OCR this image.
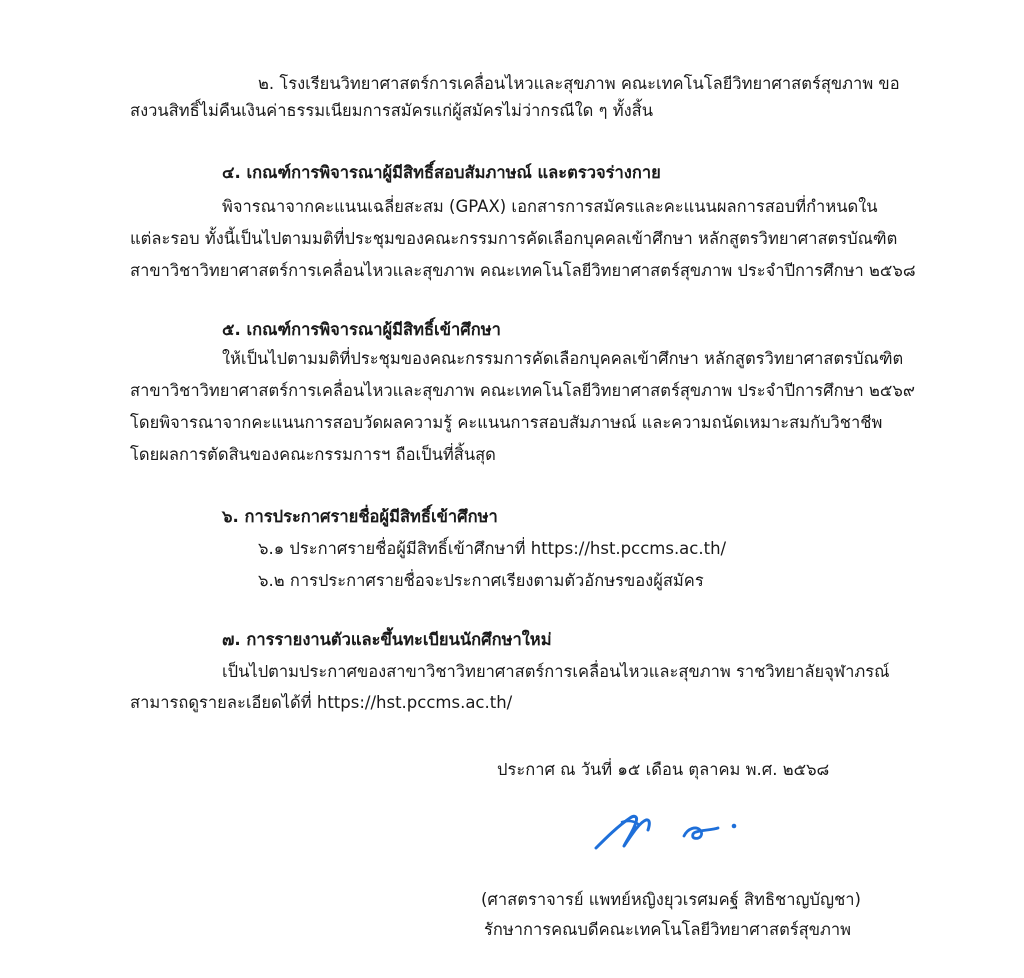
๒. โรงเรียนวิทยาศาสตร์การเคลื่อนไหวและสุขภาพ คณะเทคโนโลยีวิทยาศาสตร์สุขภาพ ขอ
สงวนสิทธิ์ไม่คืนเงินค่าธรรมเนียมการสมัครแก่ผู้สมัครไม่ว่ากรณีใด ๆ ทั้งสิ้น
๔. เกณฑ์การพิจารณาผู้มีสิทธิ์สอบสัมภาษณ์ และตรวจร่างกาย
พิจารณาจากคะแนนเฉลี่ยสะสม (GPAX) เอกสารการสมัครและคะแนนผลการสอบที่กำหนดใน
แต่ละรอบ ทั้งนี้เป็นไปตามมติที่ประชุมของคณะกรรมการคัดเลือกบุคคลเข้าศึกษา หลักสูตรวิทยาศาสตรบัณฑิต
สาขาวิชาวิทยาศาสตร์การเคลื่อนไหวและสุขภาพ คณะเทคโนโลยีวิทยาศาสตร์สุขภาพ ประจำปีการศึกษา ๒๕๖๘
๕. เกณฑ์การพิจารณาผู้มีสิทธิ์เข้าศึกษา
ให้เป็นไปตามมติที่ประชุมของคณะกรรมการคัดเลือกบุคคลเข้าศึกษา หลักสูตรวิทยาศาสตรบัณฑิต
สาขาวิชาวิทยาศาสตร์การเคลื่อนไหวและสุขภาพ คณะเทคโนโลยีวิทยาศาสตร์สุขภาพ ประจำปีการศึกษา ๒๕๖๙
โดยพิจารณาจากคะแนนการสอบวัดผลความรู้ คะแนนการสอบสัมภาษณ์ และความถนัดเหมาะสมกับวิชาชีพ
โดยผลการตัดสินของคณะกรรมการฯ ถือเป็นที่สิ้นสุด
๖. การประกาศรายชื่อผู้มีสิทธิ์เข้าศึกษา
๖.๑ ประกาศรายชื่อผู้มีสิทธิ์เข้าศึกษาที่ https://hst.pccms.ac.th/
๖.๒ การประกาศรายชื่อจะประกาศเรียงตามตัวอักษรของผู้สมัคร
๗. การรายงานตัวและขึ้นทะเบียนนักศึกษาใหม่
เป็นไปตามประกาศของสาขาวิชาวิทยาศาสตร์การเคลื่อนไหวและสุขภาพ ราชวิทยาลัยจุฬาภรณ์
สามารถดูรายละเอียดได้ที่ https://hst.pccms.ac.th/
ประกาศ ณ วันที่ ๑๕ เดือน ตุลาคม พ.ศ. ๒๕๖๘
(ศาสตราจารย์ แพทย์หญิงยุวเรศมคฐ์ สิทธิชาญบัญชา)
รักษาการคณบดีคณะเทคโนโลยีวิทยาศาสตร์สุขภาพ
